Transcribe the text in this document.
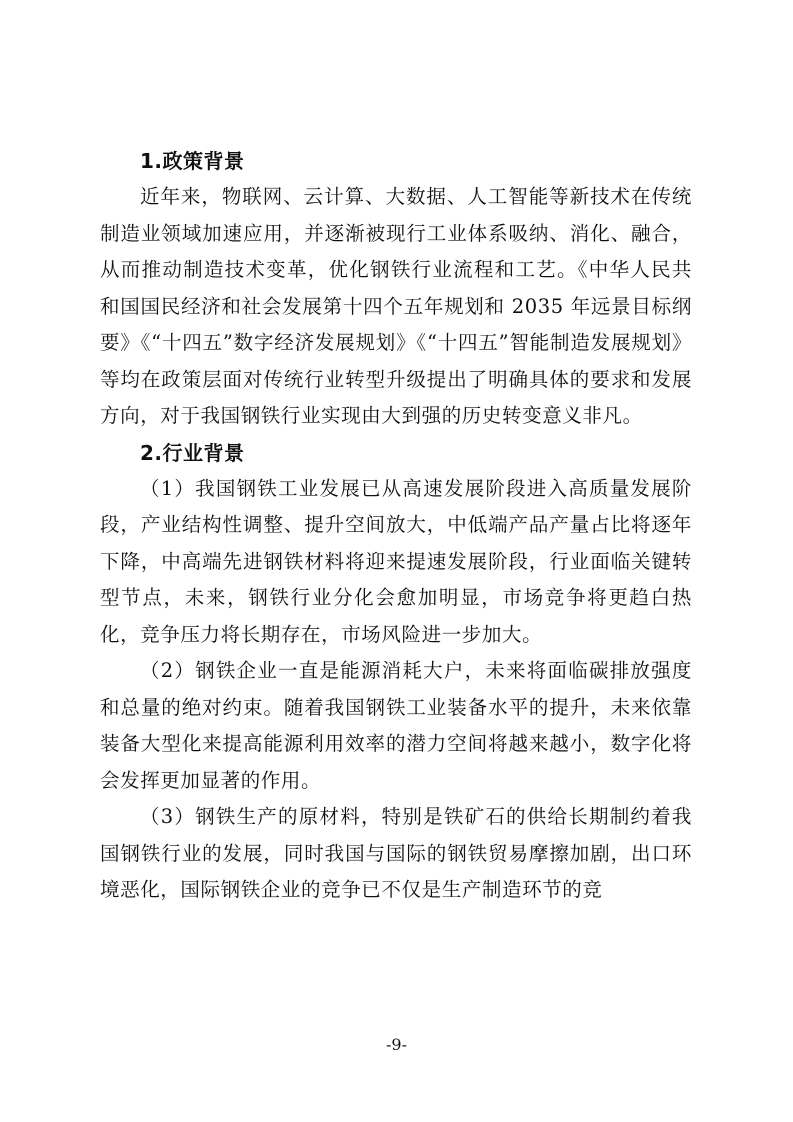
1.政策背景

近年来，物联网、云计算、大数据、人工智能等新技术在传统制造业领域加速应用，并逐渐被现行工业体系吸纳、消化、融合，从而推动制造技术变革，优化钢铁行业流程和工艺。《中华人民共和国国民经济和社会发展第十四个五年规划和 2035 年远景目标纲要》《“十四五”数字经济发展规划》《“十四五”智能制造发展规划》等均在政策层面对传统行业转型升级提出了明确具体的要求和发展方向，对于我国钢铁行业实现由大到强的历史转变意义非凡。

2.行业背景

（1）我国钢铁工业发展已从高速发展阶段进入高质量发展阶段，产业结构性调整、提升空间放大，中低端产品产量占比将逐年下降，中高端先进钢铁材料将迎来提速发展阶段，行业面临关键转型节点，未来，钢铁行业分化会愈加明显，市场竞争将更趋白热化，竞争压力将长期存在，市场风险进一步加大。

（2）钢铁企业一直是能源消耗大户，未来将面临碳排放强度和总量的绝对约束。随着我国钢铁工业装备水平的提升，未来依靠装备大型化来提高能源利用效率的潜力空间将越来越小，数字化将会发挥更加显著的作用。

（3）钢铁生产的原材料，特别是铁矿石的供给长期制约着我国钢铁行业的发展，同时我国与国际的钢铁贸易摩擦加剧，出口环境恶化，国际钢铁企业的竞争已不仅是生产制造环节的竞

-9-
